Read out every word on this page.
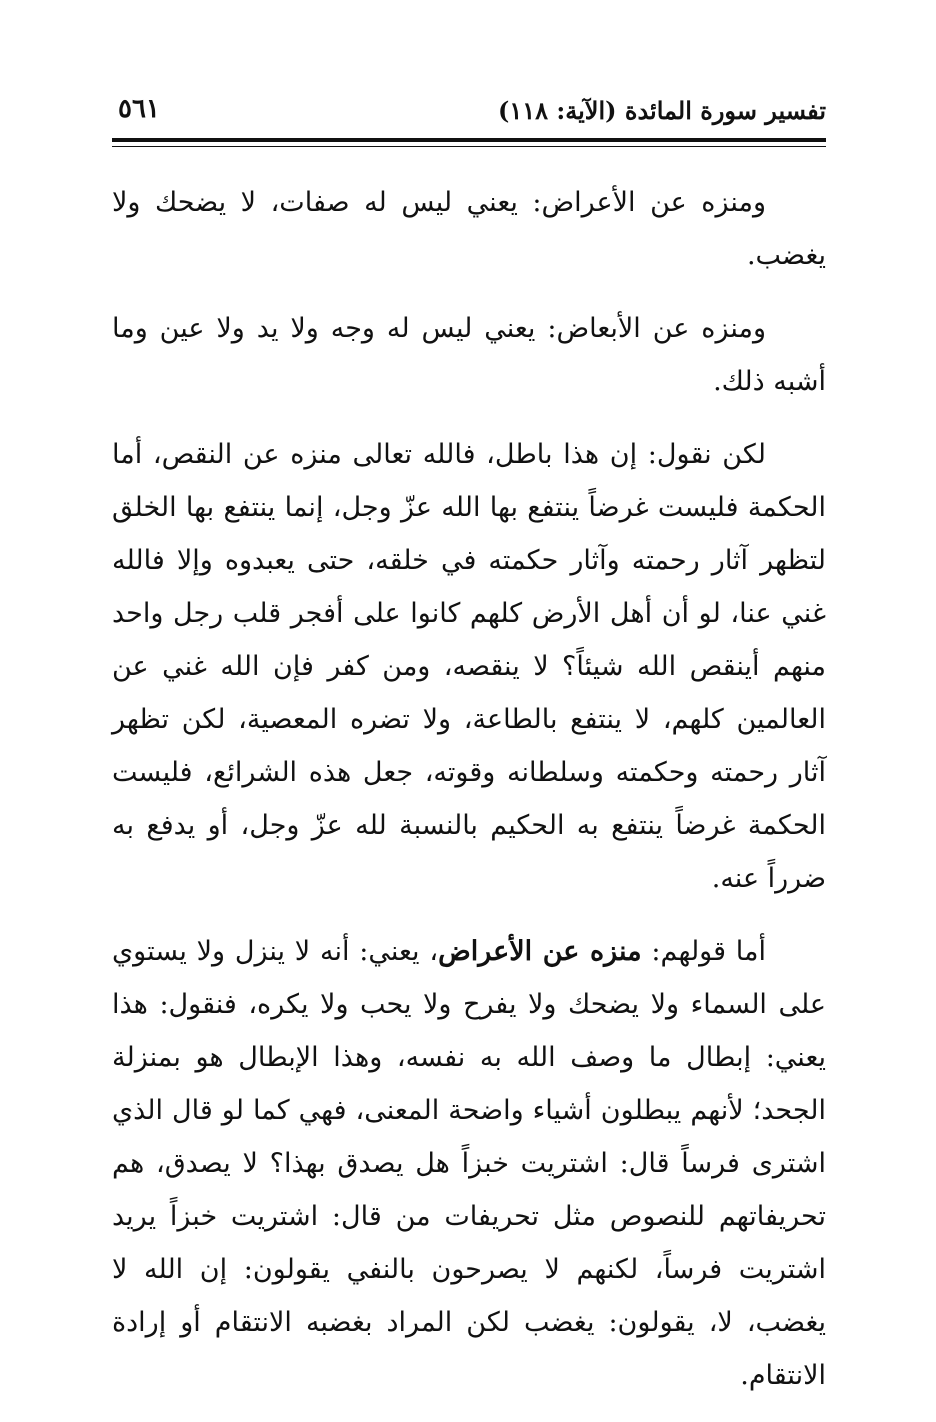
تفسير سورة المائدة (الآية: ١١٨)
٥٦١

ومنزه عن الأعراض: يعني ليس له صفات، لا يضحك ولا يغضب.

ومنزه عن الأبعاض: يعني ليس له وجه ولا يد ولا عين وما أشبه ذلك.

لكن نقول: إن هذا باطل، فالله تعالى منزه عن النقص، أما الحكمة فليست غرضاً ينتفع بها الله عزّ وجل، إنما ينتفع بها الخلق لتظهر آثار رحمته وآثار حكمته في خلقه، حتى يعبدوه وإلا فالله غني عنا، لو أن أهل الأرض كلهم كانوا على أفجر قلب رجل واحد منهم أينقص الله شيئاً؟ لا ينقصه، ومن كفر فإن الله غني عن العالمين كلهم، لا ينتفع بالطاعة، ولا تضره المعصية، لكن تظهر آثار رحمته وحكمته وسلطانه وقوته، جعل هذه الشرائع، فليست الحكمة غرضاً ينتفع به الحكيم بالنسبة لله عزّ وجل، أو يدفع به ضرراً عنه.

أما قولهم: منزه عن الأعراض، يعني: أنه لا ينزل ولا يستوي على السماء ولا يضحك ولا يفرح ولا يحب ولا يكره، فنقول: هذا يعني: إبطال ما وصف الله به نفسه، وهذا الإبطال هو بمنزلة الجحد؛ لأنهم يبطلون أشياء واضحة المعنى، فهي كما لو قال الذي اشترى فرساً قال: اشتريت خبزاً هل يصدق بهذا؟ لا يصدق، هم تحريفاتهم للنصوص مثل تحريفات من قال: اشتريت خبزاً يريد اشتريت فرساً، لكنهم لا يصرحون بالنفي يقولون: إن الله لا يغضب، لا، يقولون: يغضب لكن المراد بغضبه الانتقام أو إرادة الانتقام.
